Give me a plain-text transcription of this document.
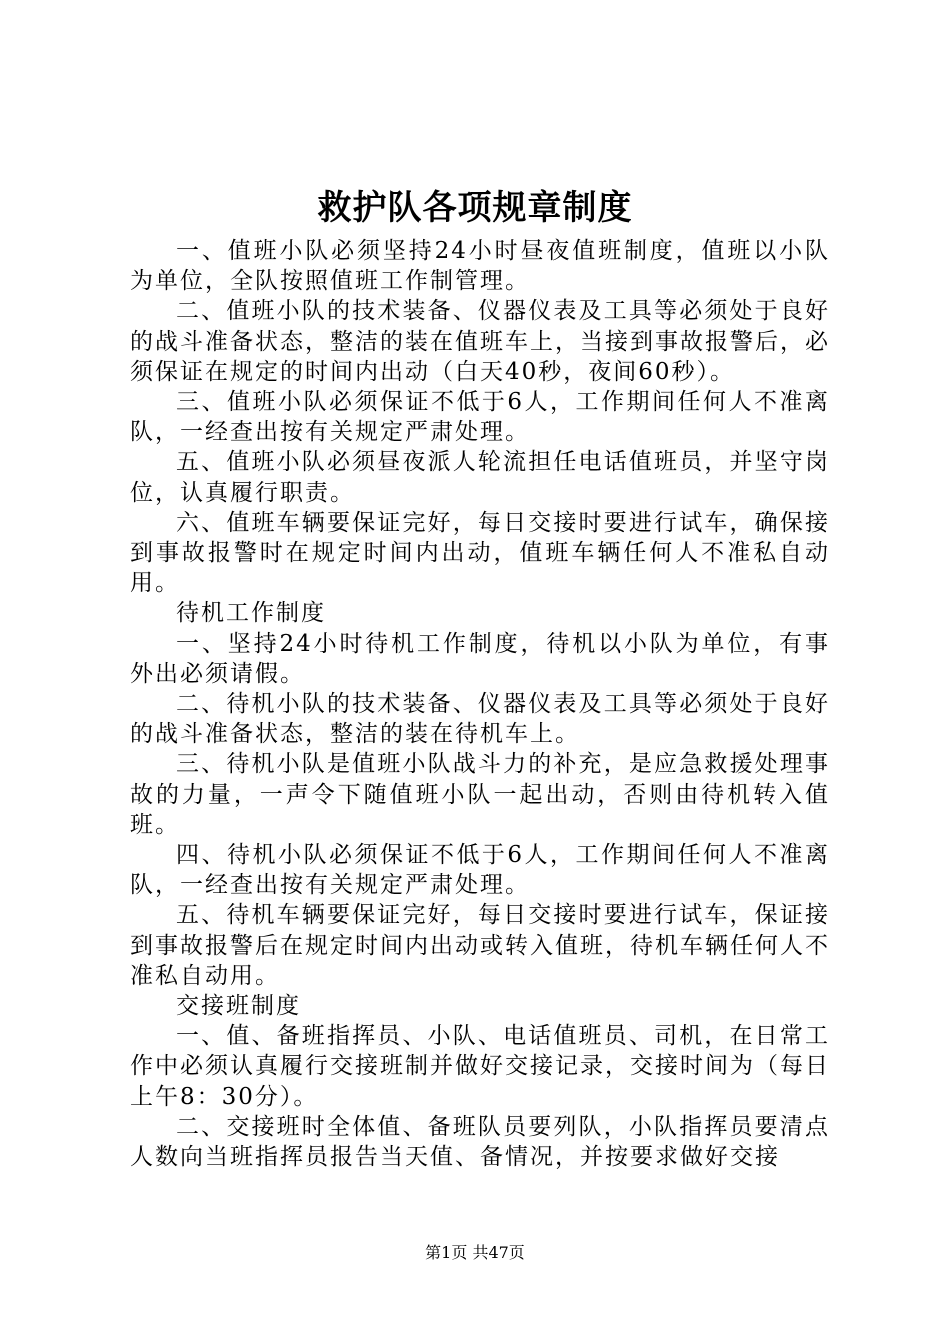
救护队各项规章制度

一、值班小队必须坚持24小时昼夜值班制度，值班以小队为单位，全队按照值班工作制管理。

二、值班小队的技术装备、仪器仪表及工具等必须处于良好的战斗准备状态，整洁的装在值班车上，当接到事故报警后，必须保证在规定的时间内出动（白天40秒，夜间60秒）。

三、值班小队必须保证不低于6人，工作期间任何人不准离队，一经查出按有关规定严肃处理。

五、值班小队必须昼夜派人轮流担任电话值班员，并坚守岗位，认真履行职责。

六、值班车辆要保证完好，每日交接时要进行试车，确保接到事故报警时在规定时间内出动，值班车辆任何人不准私自动用。

待机工作制度

一、坚持24小时待机工作制度，待机以小队为单位，有事外出必须请假。

二、待机小队的技术装备、仪器仪表及工具等必须处于良好的战斗准备状态，整洁的装在待机车上。

三、待机小队是值班小队战斗力的补充，是应急救援处理事故的力量，一声令下随值班小队一起出动，否则由待机转入值班。

四、待机小队必须保证不低于6人，工作期间任何人不准离队，一经查出按有关规定严肃处理。

五、待机车辆要保证完好，每日交接时要进行试车，保证接到事故报警后在规定时间内出动或转入值班，待机车辆任何人不准私自动用。

交接班制度

一、值、备班指挥员、小队、电话值班员、司机，在日常工作中必须认真履行交接班制并做好交接记录，交接时间为（每日上午8：30分）。

二、交接班时全体值、备班队员要列队，小队指挥员要清点人数向当班指挥员报告当天值、备情况，并按要求做好交接

第1页 共47页
